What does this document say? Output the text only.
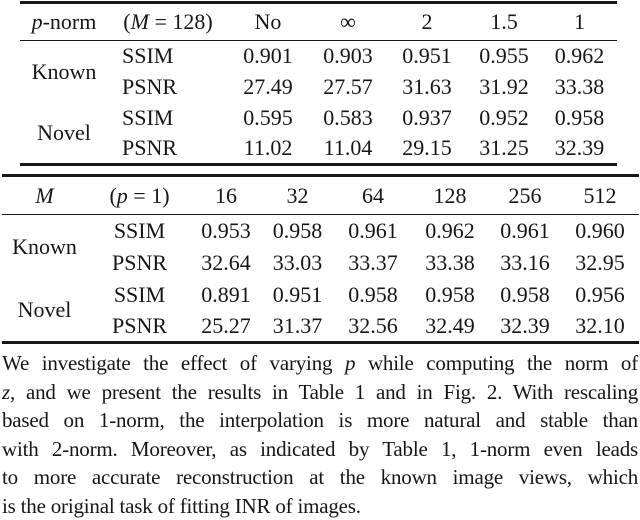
p-norm	(M = 128)	No	∞	2	1.5	1
Known	SSIM	0.901	0.903	0.951	0.955	0.962
	PSNR	27.49	27.57	31.63	31.92	33.38
Novel	SSIM	0.595	0.583	0.937	0.952	0.958
	PSNR	11.02	11.04	29.15	31.25	32.39
M	(p = 1)	16	32	64	128	256	512
Known	SSIM	0.953	0.958	0.961	0.962	0.961	0.960
	PSNR	32.64	33.03	33.37	33.38	33.16	32.95
Novel	SSIM	0.891	0.951	0.958	0.958	0.958	0.956
	PSNR	25.27	31.37	32.56	32.49	32.39	32.10
We investigate the effect of varying p while computing the norm of
z, and we present the results in Table 1 and in Fig. 2. With rescaling
based on 1-norm, the interpolation is more natural and stable than
with 2-norm. Moreover, as indicated by Table 1, 1-norm even leads
to more accurate reconstruction at the known image views, which
is the original task of fitting INR of images.
